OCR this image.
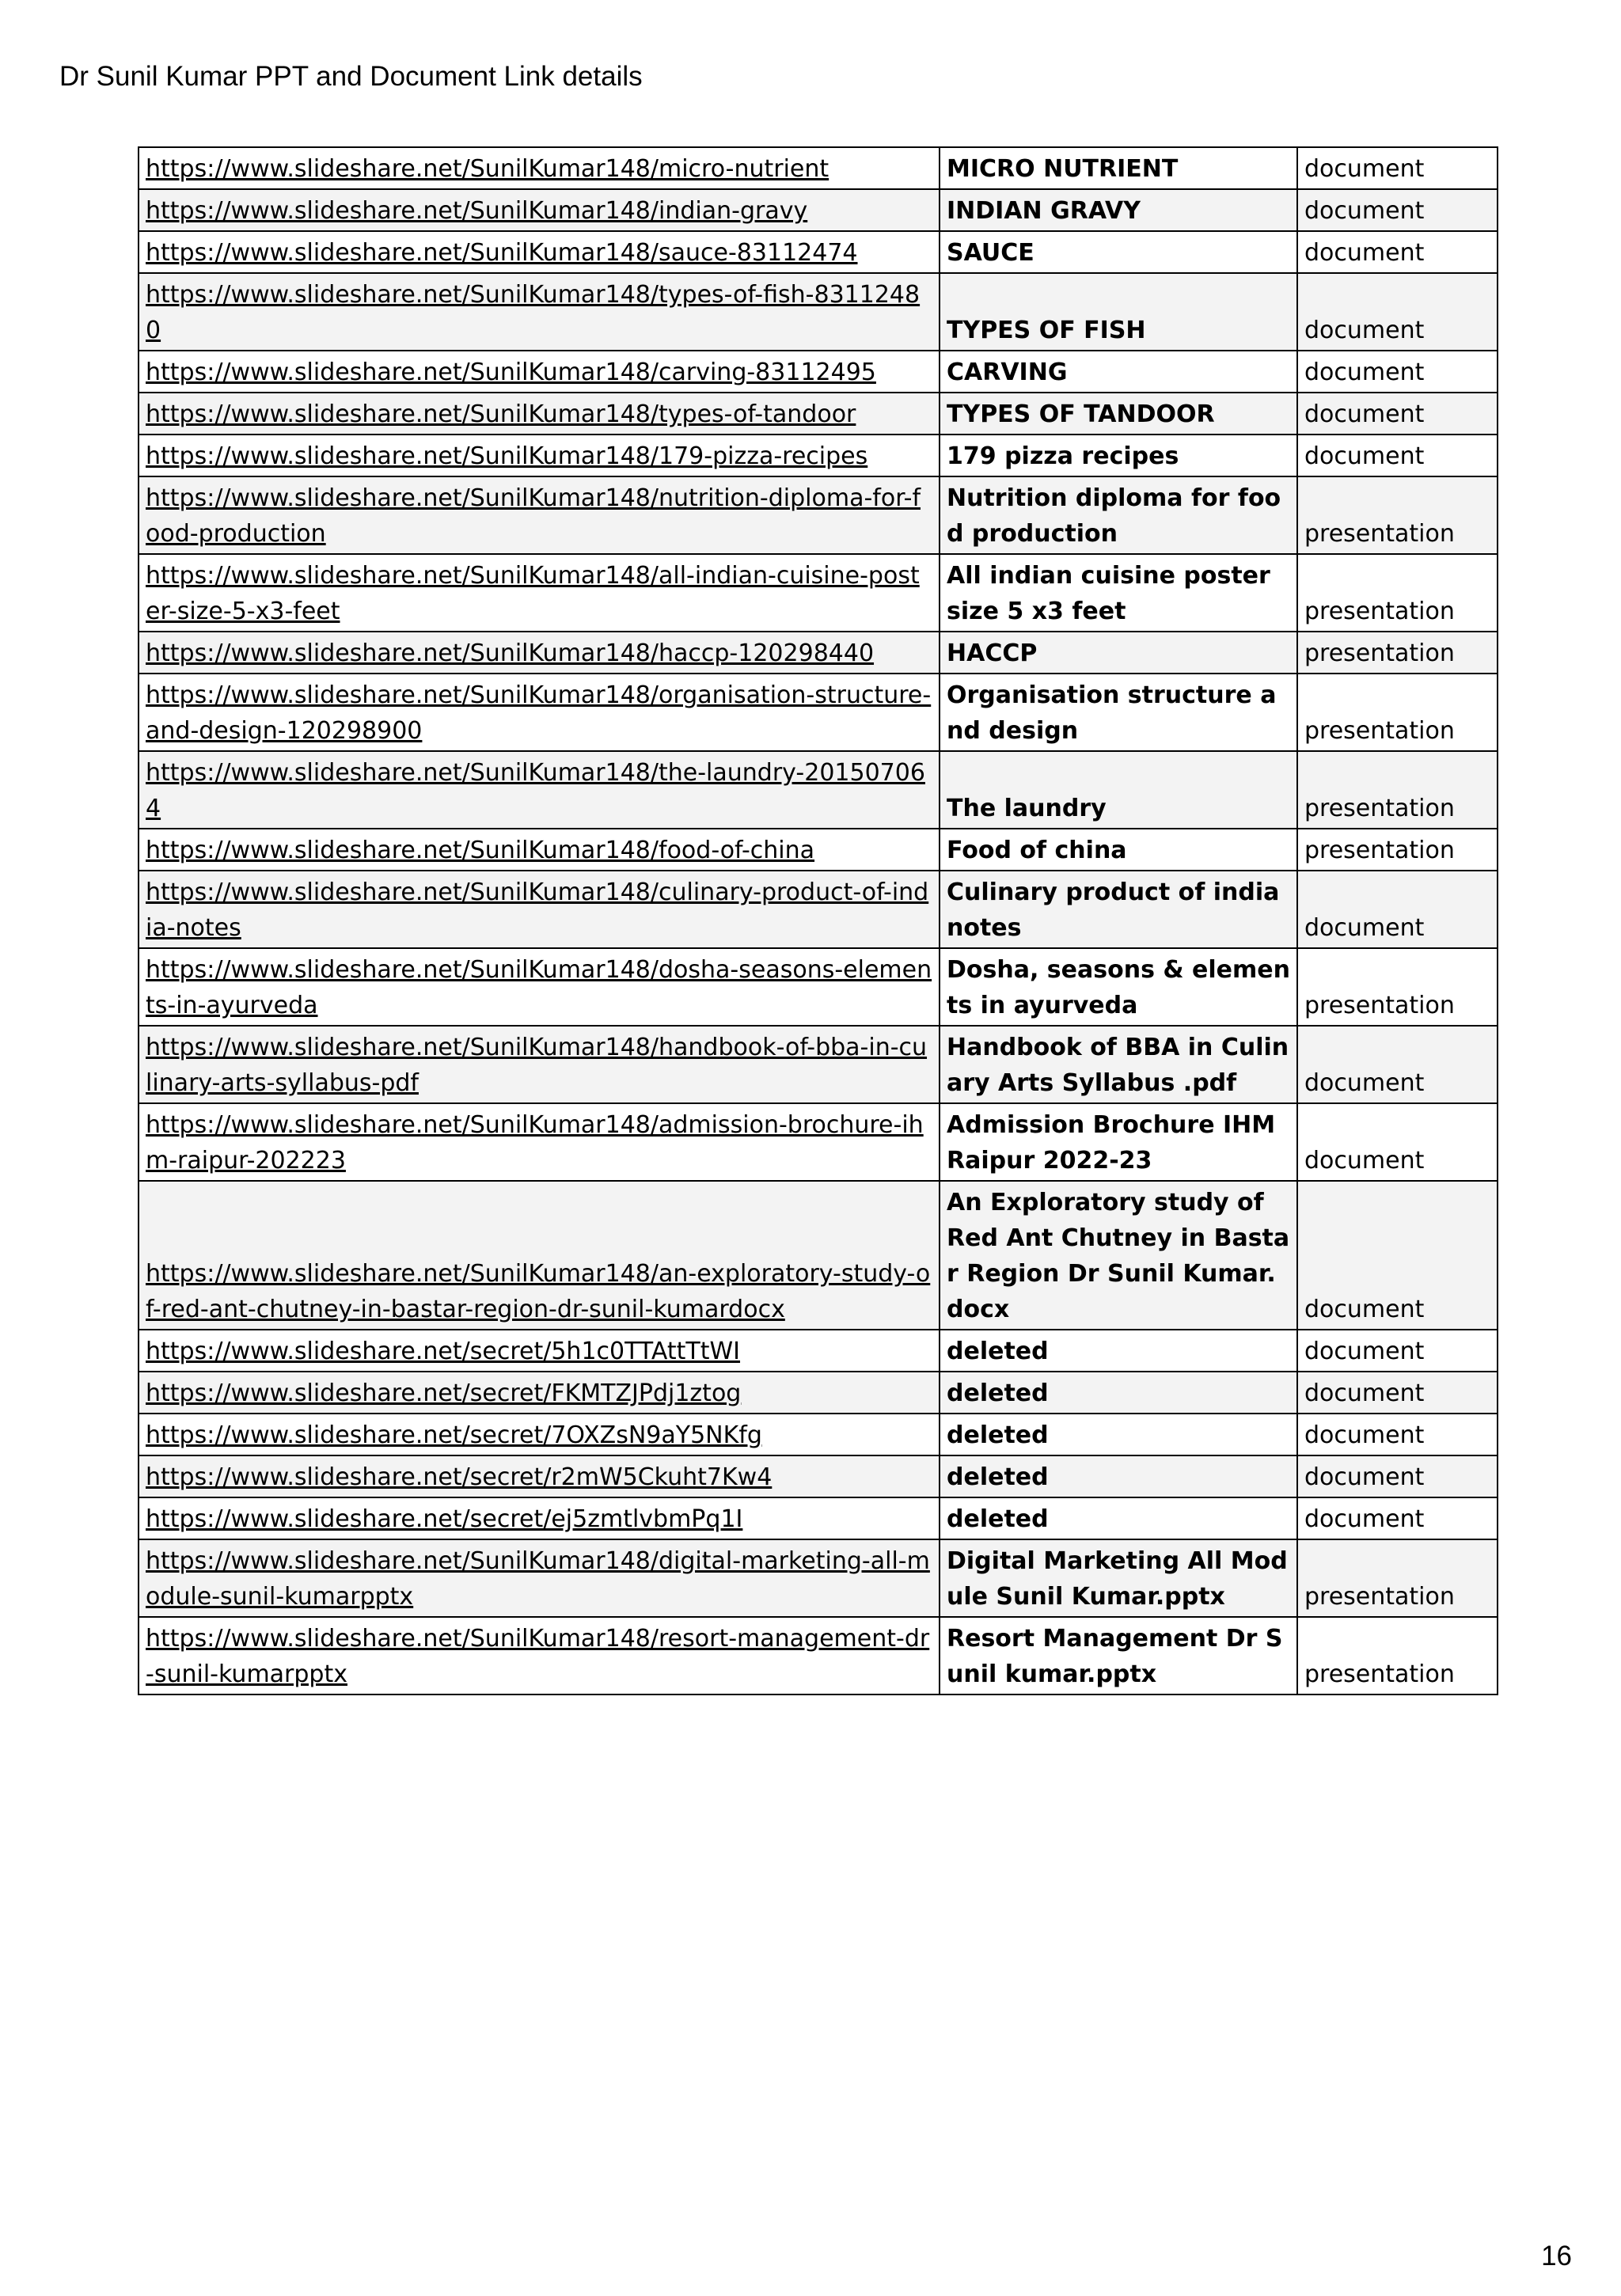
Dr Sunil Kumar PPT and Document Link details
https://www.slideshare.net/SunilKumar148/micro-nutrient	MICRO NUTRIENT	document
https://www.slideshare.net/SunilKumar148/indian-gravy	INDIAN GRAVY	document
https://www.slideshare.net/SunilKumar148/sauce-83112474	SAUCE	document
https://www.slideshare.net/SunilKumar148/types-of-fish-83112480	TYPES OF FISH	document
https://www.slideshare.net/SunilKumar148/carving-83112495	CARVING	document
https://www.slideshare.net/SunilKumar148/types-of-tandoor	TYPES OF TANDOOR	document
https://www.slideshare.net/SunilKumar148/179-pizza-recipes	179 pizza recipes	document
https://www.slideshare.net/SunilKumar148/nutrition-diploma-for-food-production	Nutrition diploma for food production	presentation
https://www.slideshare.net/SunilKumar148/all-indian-cuisine-poster-size-5-x3-feet	All indian cuisine poster size 5 x3 feet	presentation
https://www.slideshare.net/SunilKumar148/haccp-120298440	HACCP	presentation
https://www.slideshare.net/SunilKumar148/organisation-structure-and-design-120298900	Organisation structure and design	presentation
https://www.slideshare.net/SunilKumar148/the-laundry-201507064	The laundry	presentation
https://www.slideshare.net/SunilKumar148/food-of-china	Food of china	presentation
https://www.slideshare.net/SunilKumar148/culinary-product-of-india-notes	Culinary product of india notes	document
https://www.slideshare.net/SunilKumar148/dosha-seasons-elements-in-ayurveda	Dosha, seasons & elements in ayurveda	presentation
https://www.slideshare.net/SunilKumar148/handbook-of-bba-in-culinary-arts-syllabus-pdf	Handbook of BBA in Culinary Arts Syllabus .pdf	document
https://www.slideshare.net/SunilKumar148/admission-brochure-ihm-raipur-202223	Admission Brochure IHM Raipur 2022-23	document
https://www.slideshare.net/SunilKumar148/an-exploratory-study-of-red-ant-chutney-in-bastar-region-dr-sunil-kumardocx	An Exploratory study of Red Ant Chutney in Bastar Region Dr Sunil Kumar.docx	document
https://www.slideshare.net/secret/5h1c0TTAttTtWI	deleted	document
https://www.slideshare.net/secret/FKMTZJPdj1ztog	deleted	document
https://www.slideshare.net/secret/7OXZsN9aY5NKfg	deleted	document
https://www.slideshare.net/secret/r2mW5Ckuht7Kw4	deleted	document
https://www.slideshare.net/secret/ej5zmtlvbmPq1I	deleted	document
https://www.slideshare.net/SunilKumar148/digital-marketing-all-module-sunil-kumarpptx	Digital Marketing All Module Sunil Kumar.pptx	presentation
https://www.slideshare.net/SunilKumar148/resort-management-dr-sunil-kumarpptx	Resort Management Dr Sunil kumar.pptx	presentation
16
